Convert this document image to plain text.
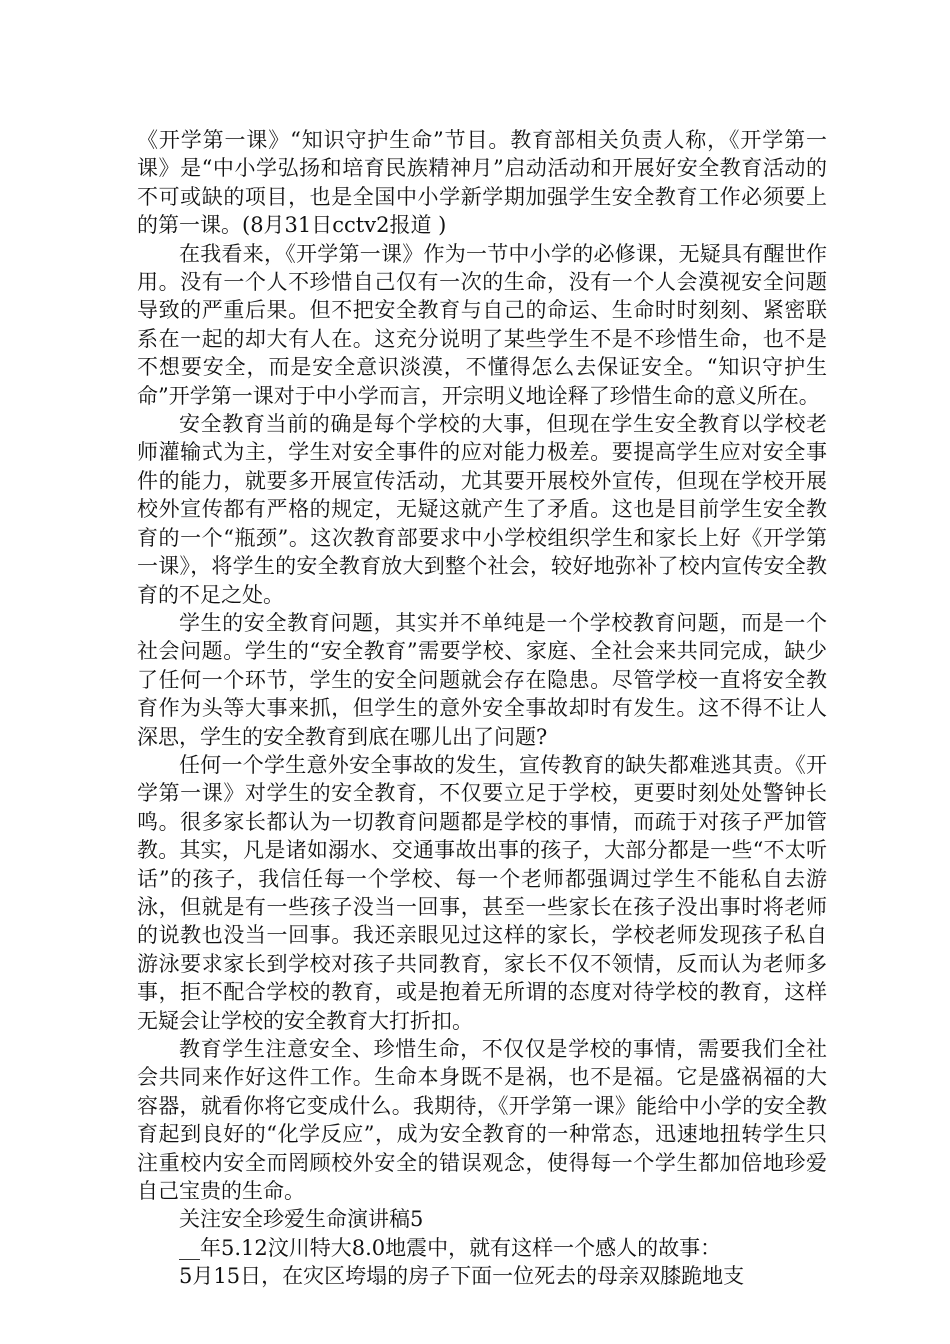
《开学第一课》“知识守护生命”节目。教育部相关负责人称，《开学第一课》是“中小学弘扬和培育民族精神月”启动活动和开展好安全教育活动的不可或缺的项目，也是全国中小学新学期加强学生安全教育工作必须要上的第一课。(8月31日cctv2报道 )

在我看来，《开学第一课》作为一节中小学的必修课，无疑具有醒世作用。没有一个人不珍惜自己仅有一次的生命，没有一个人会漠视安全问题导致的严重后果。但不把安全教育与自己的命运、生命时时刻刻、紧密联系在一起的却大有人在。这充分说明了某些学生不是不珍惜生命，也不是不想要安全，而是安全意识淡漠，不懂得怎么去保证安全。“知识守护生命”开学第一课对于中小学而言，开宗明义地诠释了珍惜生命的意义所在。

安全教育当前的确是每个学校的大事，但现在学生安全教育以学校老师灌输式为主，学生对安全事件的应对能力极差。要提高学生应对安全事件的能力，就要多开展宣传活动，尤其要开展校外宣传，但现在学校开展校外宣传都有严格的规定，无疑这就产生了矛盾。这也是目前学生安全教育的一个“瓶颈”。这次教育部要求中小学校组织学生和家长上好《开学第一课》，将学生的安全教育放大到整个社会，较好地弥补了校内宣传安全教育的不足之处。

学生的安全教育问题，其实并不单纯是一个学校教育问题，而是一个社会问题。学生的“安全教育”需要学校、家庭、全社会来共同完成，缺少了任何一个环节，学生的安全问题就会存在隐患。尽管学校一直将安全教育作为头等大事来抓，但学生的意外安全事故却时有发生。这不得不让人深思，学生的安全教育到底在哪儿出了问题?

任何一个学生意外安全事故的发生，宣传教育的缺失都难逃其责。《开学第一课》对学生的安全教育，不仅要立足于学校，更要时刻处处警钟长鸣。很多家长都认为一切教育问题都是学校的事情，而疏于对孩子严加管教。其实，凡是诸如溺水、交通事故出事的孩子，大部分都是一些“不太听话”的孩子，我信任每一个学校、每一个老师都强调过学生不能私自去游泳，但就是有一些孩子没当一回事，甚至一些家长在孩子没出事时将老师的说教也没当一回事。我还亲眼见过这样的家长，学校老师发现孩子私自游泳要求家长到学校对孩子共同教育，家长不仅不领情，反而认为老师多事，拒不配合学校的教育，或是抱着无所谓的态度对待学校的教育，这样无疑会让学校的安全教育大打折扣。

教育学生注意安全、珍惜生命，不仅仅是学校的事情，需要我们全社会共同来作好这件工作。生命本身既不是祸，也不是福。它是盛祸福的大容器，就看你将它变成什么。我期待，《开学第一课》能给中小学的安全教育起到良好的“化学反应”，成为安全教育的一种常态，迅速地扭转学生只注重校内安全而罔顾校外安全的错误观念，使得每一个学生都加倍地珍爱自己宝贵的生命。

关注安全珍爱生命演讲稿5

__年5.12汶川特大8.0地震中，就有这样一个感人的故事：

5月15日，在灾区垮塌的房子下面一位死去的母亲双膝跪地支
